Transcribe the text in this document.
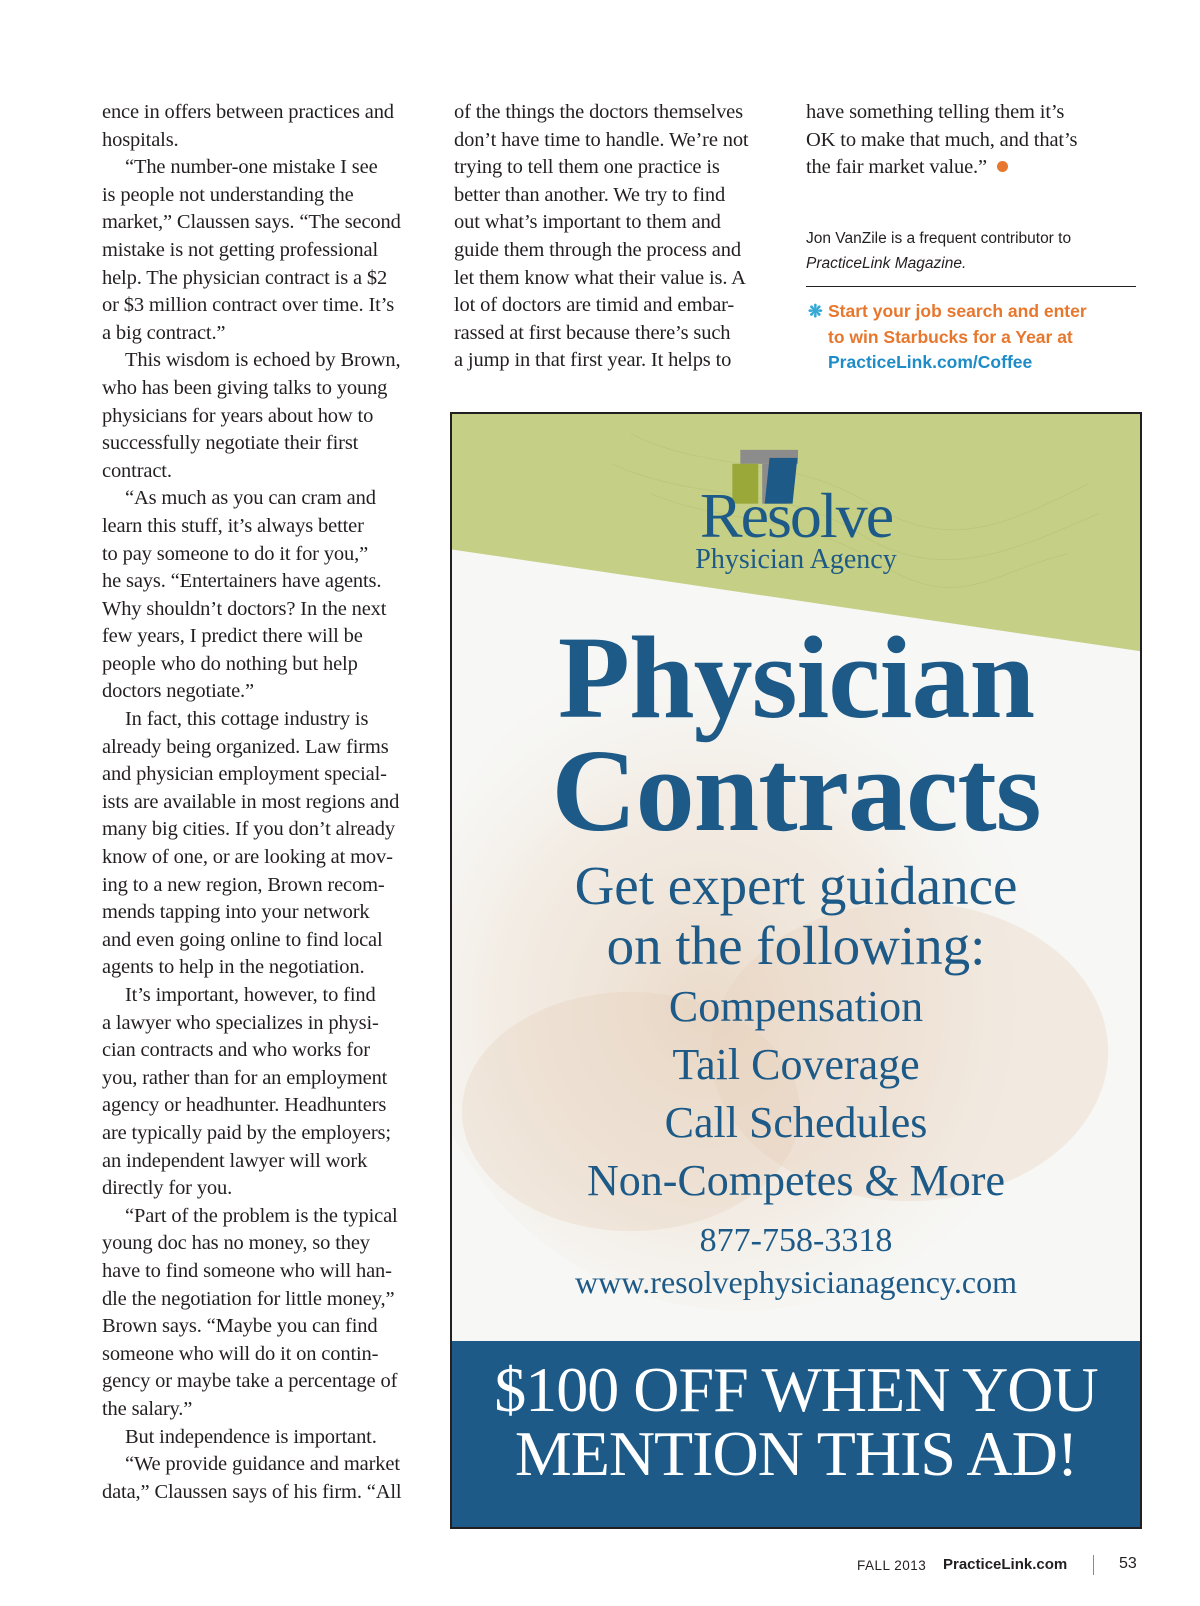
ence in offers between practices and
hospitals.
“The number-one mistake I see
is people not understanding the
market,” Claussen says. “The second
mistake is not getting professional
help. The physician contract is a $2
or $3 million contract over time. It’s
a big contract.”
This wisdom is echoed by Brown,
who has been giving talks to young
physicians for years about how to
successfully negotiate their first
contract.
“As much as you can cram and
learn this stuff, it’s always better
to pay someone to do it for you,”
he says. “Entertainers have agents.
Why shouldn’t doctors? In the next
few years, I predict there will be
people who do nothing but help
doctors negotiate.”
In fact, this cottage industry is
already being organized. Law firms
and physician employment special-
ists are available in most regions and
many big cities. If you don’t already
know of one, or are looking at mov-
ing to a new region, Brown recom-
mends tapping into your network
and even going online to find local
agents to help in the negotiation.
It’s important, however, to find
a lawyer who specializes in physi-
cian contracts and who works for
you, rather than for an employment
agency or headhunter. Headhunters
are typically paid by the employers;
an independent lawyer will work
directly for you.
“Part of the problem is the typical
young doc has no money, so they
have to find someone who will han-
dle the negotiation for little money,”
Brown says. “Maybe you can find
someone who will do it on contin-
gency or maybe take a percentage of
the salary.”
But independence is important.
“We provide guidance and market
data,” Claussen says of his firm. “All
of the things the doctors themselves
don’t have time to handle. We’re not
trying to tell them one practice is
better than another. We try to find
out what’s important to them and
guide them through the process and
let them know what their value is. A
lot of doctors are timid and embar-
rassed at first because there’s such
a jump in that first year. It helps to
have something telling them it’s
OK to make that much, and that’s
the fair market value.”
Jon VanZile is a frequent contributor to
PracticeLink Magazine.
❋ Start your job search and enter
to win Starbucks for a Year at
PracticeLink.com/Coffee
Resolve
Physician Agency
Physician
Contracts
Get expert guidance
on the following:
Compensation
Tail Coverage
Call Schedules
Non-Competes & More
877-758-3318
www.resolvephysicianagency.com
$100 OFF WHEN YOU
MENTION THIS AD!
FALL 2013 PracticeLink.com	53
